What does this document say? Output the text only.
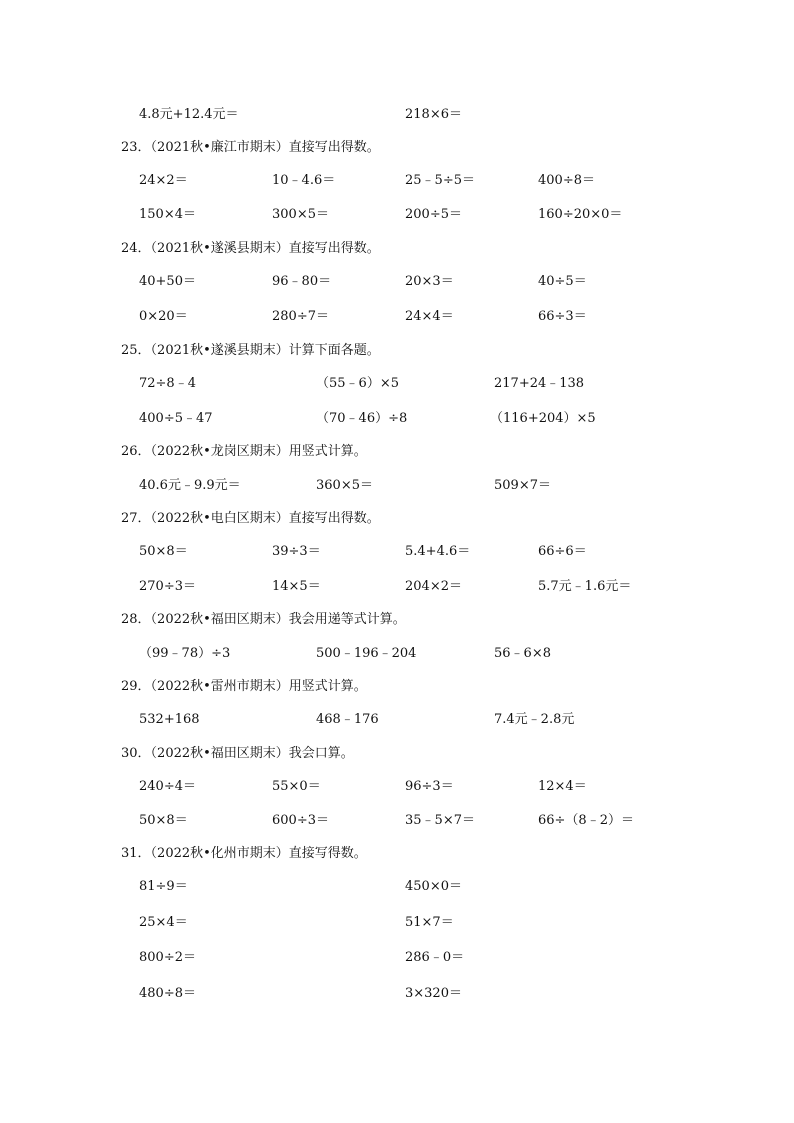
4.8元+12.4元＝	218×6＝
23．（2021秋•廉江市期末）直接写出得数。
24×2＝	10﹣4.6＝	25﹣5÷5＝	400÷8＝
150×4＝	300×5＝	200÷5＝	160÷20×0＝
24．（2021秋•遂溪县期末）直接写出得数。
40+50＝	96﹣80＝	20×3＝	40÷5＝
0×20＝	280÷7＝	24×4＝	66÷3＝
25．（2021秋•遂溪县期末）计算下面各题。
72÷8﹣4	（55﹣6）×5	217+24﹣138
400÷5﹣47	（70﹣46）÷8	（116+204）×5
26．（2022秋•龙岗区期末）用竖式计算。
40.6元﹣9.9元＝	360×5＝	509×7＝
27．（2022秋•电白区期末）直接写出得数。
50×8＝	39÷3＝	5.4+4.6＝	66÷6＝
270÷3＝	14×5＝	204×2＝	5.7元﹣1.6元＝
28．（2022秋•福田区期末）我会用递等式计算。
（99﹣78）÷3	500﹣196﹣204	56﹣6×8
29．（2022秋•雷州市期末）用竖式计算。
532+168	468﹣176	7.4元﹣2.8元
30．（2022秋•福田区期末）我会口算。
240÷4＝	55×0＝	96÷3＝	12×4＝
50×8＝	600÷3＝	35﹣5×7＝	66÷（8﹣2）＝
31．（2022秋•化州市期末）直接写得数。
81÷9＝	450×0＝
25×4＝	51×7＝
800÷2＝	286﹣0＝
480÷8＝	3×320＝
